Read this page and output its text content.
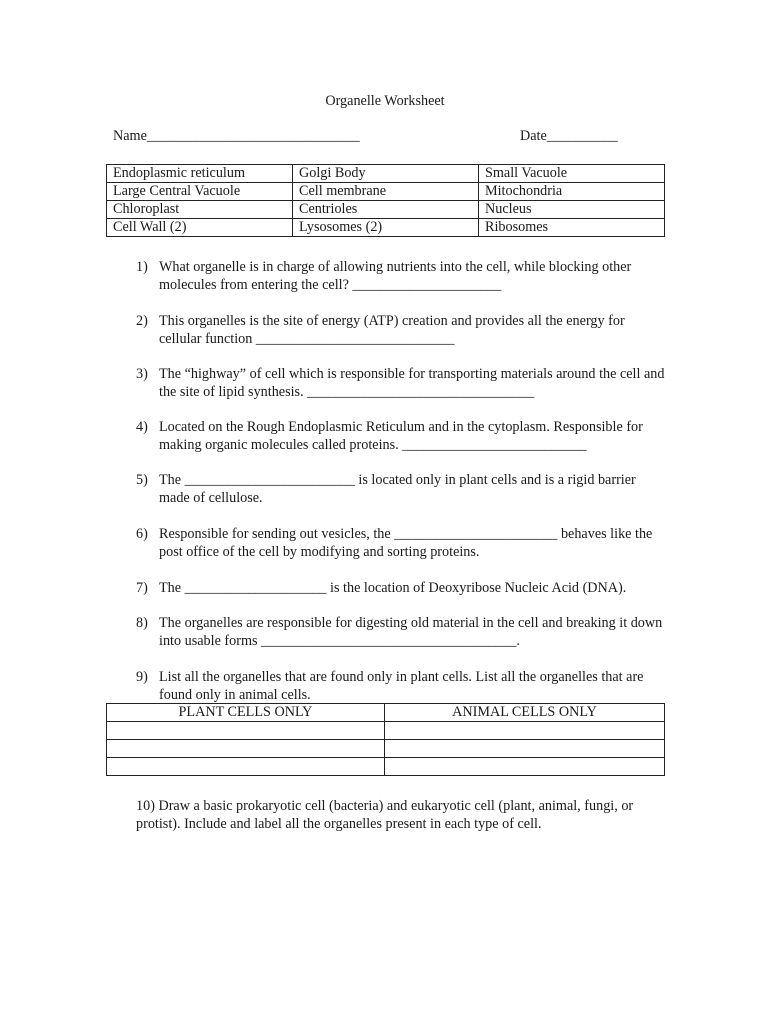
Organelle Worksheet
Name______________________________	Date__________
Endoplasmic reticulum	Golgi Body	Small Vacuole
Large Central Vacuole	Cell membrane	Mitochondria
Chloroplast	Centrioles	Nucleus
Cell Wall (2)	Lysosomes (2)	Ribosomes
1) What organelle is in charge of allowing nutrients into the cell, while blocking other molecules from entering the cell? _____________________
2) This organelles is the site of energy (ATP) creation and provides all the energy for cellular function ____________________________
3) The “highway” of cell which is responsible for transporting materials around the cell and the site of lipid synthesis. ________________________________
4) Located on the Rough Endoplasmic Reticulum and in the cytoplasm. Responsible for making organic molecules called proteins. __________________________
5) The ________________________ is located only in plant cells and is a rigid barrier made of cellulose.
6) Responsible for sending out vesicles, the _______________________ behaves like the post office of the cell by modifying and sorting proteins.
7) The ____________________ is the location of Deoxyribose Nucleic Acid (DNA).
8) The organelles are responsible for digesting old material in the cell and breaking it down into usable forms ____________________________________.
9) List all the organelles that are found only in plant cells. List all the organelles that are found only in animal cells.
PLANT CELLS ONLY	ANIMAL CELLS ONLY

10) Draw a basic prokaryotic cell (bacteria) and eukaryotic cell (plant, animal, fungi, or protist). Include and label all the organelles present in each type of cell.
